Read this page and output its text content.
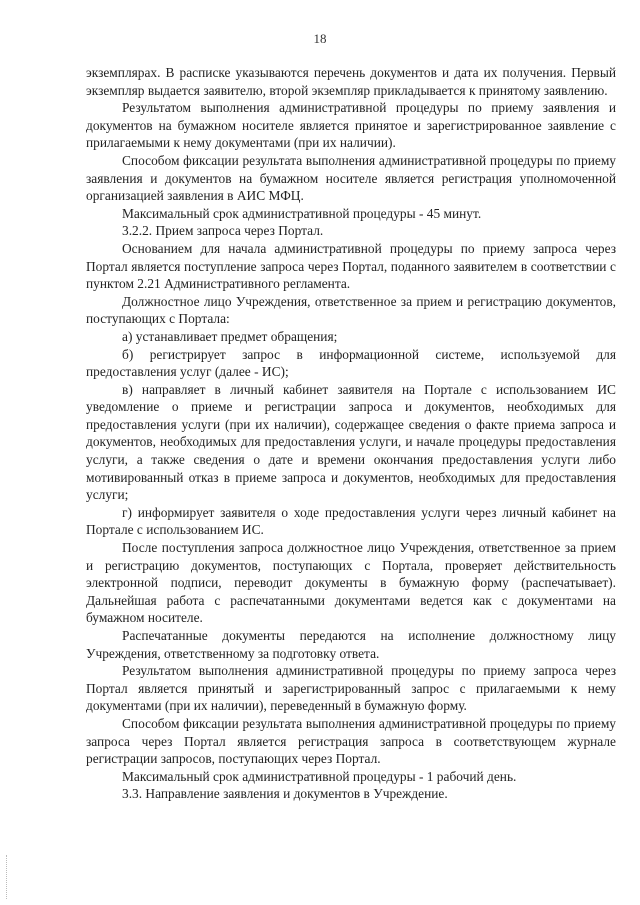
18

экземплярах. В расписке указываются перечень документов и дата их получения. Первый экземпляр выдается заявителю, второй экземпляр прикладывается к принятому заявлению.

Результатом выполнения административной процедуры по приему заявления и документов на бумажном носителе является принятое и зарегистрированное заявление с прилагаемыми к нему документами (при их наличии).

Способом фиксации результата выполнения административной процедуры по приему заявления и документов на бумажном носителе является регистрация уполномоченной организацией заявления в АИС МФЦ.

Максимальный срок административной процедуры - 45 минут.

3.2.2. Прием запроса через Портал.

Основанием для начала административной процедуры по приему запроса через Портал является поступление запроса через Портал, поданного заявителем в соответствии с пунктом 2.21 Административного регламента.

Должностное лицо Учреждения, ответственное за прием и регистрацию документов, поступающих с Портала:

а) устанавливает предмет обращения;

б) регистрирует запрос в информационной системе, используемой для предоставления услуг (далее - ИС);

в) направляет в личный кабинет заявителя на Портале с использованием ИС уведомление о приеме и регистрации запроса и документов, необходимых для предоставления услуги (при их наличии), содержащее сведения о факте приема запроса и документов, необходимых для предоставления услуги, и начале процедуры предоставления услуги, а также сведения о дате и времени окончания предоставления услуги либо мотивированный отказ в приеме запроса и документов, необходимых для предоставления услуги;

г) информирует заявителя о ходе предоставления услуги через личный кабинет на Портале с использованием ИС.

После поступления запроса должностное лицо Учреждения, ответственное за прием и регистрацию документов, поступающих с Портала, проверяет действительность электронной подписи, переводит документы в бумажную форму (распечатывает). Дальнейшая работа с распечатанными документами ведется как с документами на бумажном носителе.

Распечатанные документы передаются на исполнение должностному лицу Учреждения, ответственному за подготовку ответа.

Результатом выполнения административной процедуры по приему запроса через Портал является принятый и зарегистрированный запрос с прилагаемыми к нему документами (при их наличии), переведенный в бумажную форму.

Способом фиксации результата выполнения административной процедуры по приему запроса через Портал является регистрация запроса в соответствующем журнале регистрации запросов, поступающих через Портал.

Максимальный срок административной процедуры - 1 рабочий день.

3.3. Направление заявления и документов в Учреждение.
